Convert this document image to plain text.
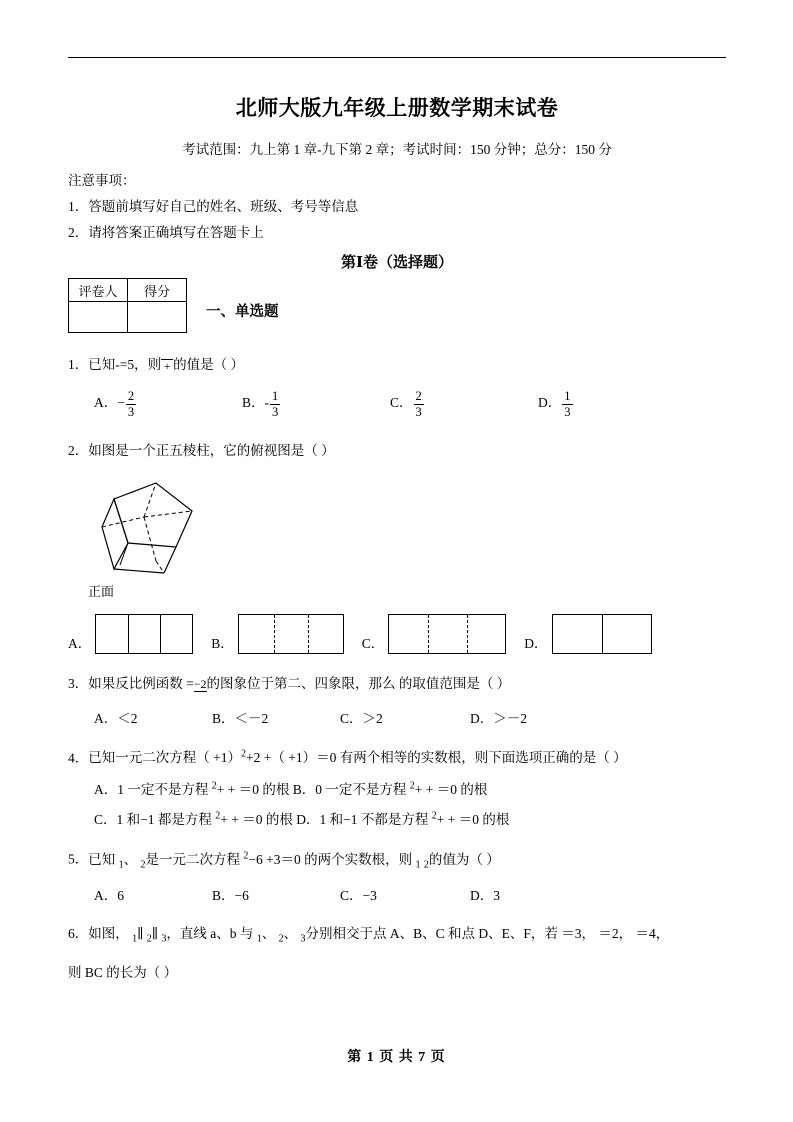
北师大版九年级上册数学期末试卷
考试范围：九上第 1 章-九下第 2 章；考试时间：150 分钟；总分：150 分
注意事项：
1．答题前填写好自己的姓名、班级、考号等信息
2．请将答案正确填写在答题卡上
第Ⅰ卷（选择题）
评卷人	得分

一、单选题
1．已知-=5，则 + 的值是（ ）
A．− $\frac{2}{3}$	B．- $\frac{1}{3}$	C． $\frac{2}{3}$	D． $\frac{1}{3}$
2．如图是一个正五棱柱，它的俯视图是（ ）
正面
A．	B．	C．	D．
3．如果反比例函数 = −2 的图象位于第二、四象限，那么 的取值范围是（ ）
A．＜2	B．＜－2	C．＞2	D．＞－2
4．已知一元二次方程（ +1）$^2$+2 +（ +1）＝0 有两个相等的实数根，则下面选项正确的是（ ）
A．1 一定不是方程 $^2$+ + ＝0 的根 B．0 一定不是方程 $^2$+ + ＝0 的根
C．1 和−1 都是方程 $^2$+ + ＝0 的根 D．1 和−1 不都是方程 $^2$+ + ＝0 的根
5．已知 $_1$、 $_2$是一元二次方程 $^2$−6 +3＝0 的两个实数根，则 $_1$ $_2$的值为（ ）
A．6	B．−6	C．−3	D．3
6．如图， $_1$∥ $_2$∥ $_3$，直线 a、b 与 $_1$、 $_2$、 $_3$分别相交于点 A、B、C 和点 D、E、F，若 ＝3， ＝2， ＝4，
则 BC 的长为（ ）
第 1 页 共 7 页
